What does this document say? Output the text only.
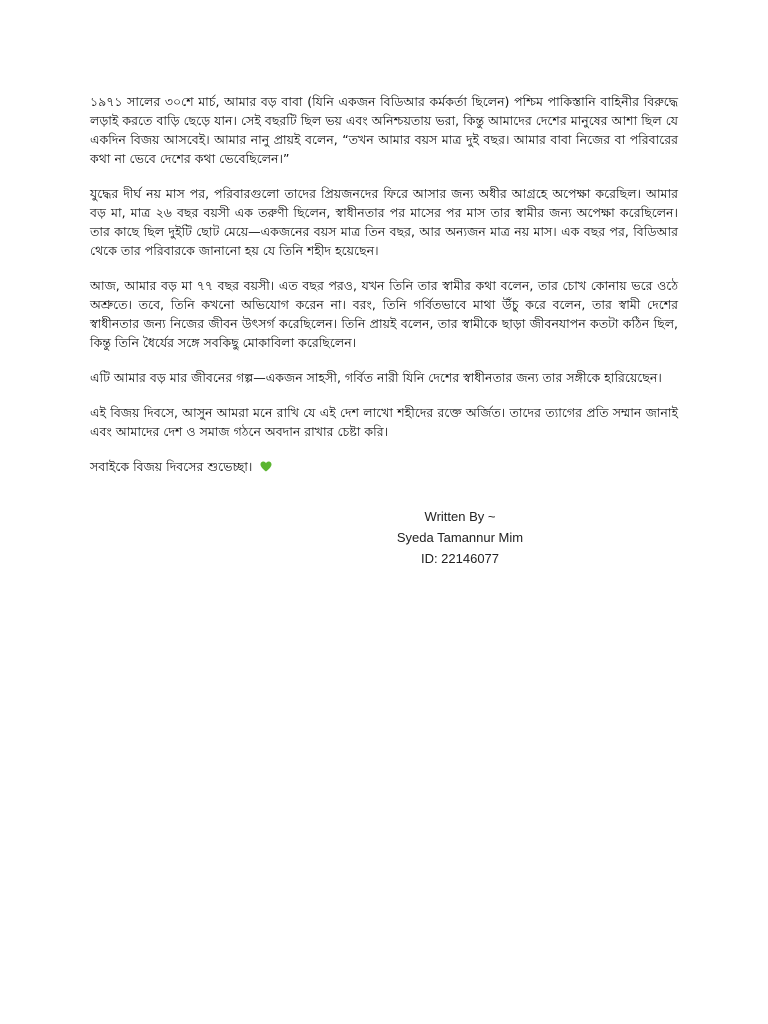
১৯৭১ সালের ৩০শে মার্চ, আমার বড় বাবা (যিনি একজন বিডিআর কর্মকর্তা ছিলেন) পশ্চিম পাকিস্তানি বাহিনীর বিরুদ্ধে লড়াই করতে বাড়ি ছেড়ে যান। সেই বছরটি ছিল ভয় এবং অনিশ্চয়তায় ভরা, কিন্তু আমাদের দেশের মানুষের আশা ছিল যে একদিন বিজয় আসবেই। আমার নানু প্রায়ই বলেন, “তখন আমার বয়স মাত্র দুই বছর। আমার বাবা নিজের বা পরিবারের কথা না ভেবে দেশের কথা ভেবেছিলেন।”

যুদ্ধের দীর্ঘ নয় মাস পর, পরিবারগুলো তাদের প্রিয়জনদের ফিরে আসার জন্য অধীর আগ্রহে অপেক্ষা করেছিল। আমার বড় মা, মাত্র ২৬ বছর বয়সী এক তরুণী ছিলেন, স্বাধীনতার পর মাসের পর মাস তার স্বামীর জন্য অপেক্ষা করেছিলেন। তার কাছে ছিল দুইটি ছোট মেয়ে—একজনের বয়স মাত্র তিন বছর, আর অন্যজন মাত্র নয় মাস। এক বছর পর, বিডিআর থেকে তার পরিবারকে জানানো হয় যে তিনি শহীদ হয়েছেন।

আজ, আমার বড় মা ৭৭ বছর বয়সী। এত বছর পরও, যখন তিনি তার স্বামীর কথা বলেন, তার চোখ কোনায় ভরে ওঠে অশ্রুতে। তবে, তিনি কখনো অভিযোগ করেন না। বরং, তিনি গর্বিতভাবে মাথা উঁচু করে বলেন, তার স্বামী দেশের স্বাধীনতার জন্য নিজের জীবন উৎসর্গ করেছিলেন। তিনি প্রায়ই বলেন, তার স্বামীকে ছাড়া জীবনযাপন কতটা কঠিন ছিল, কিন্তু তিনি ধৈর্যের সঙ্গে সবকিছু মোকাবিলা করেছিলেন।

এটি আমার বড় মার জীবনের গল্প—একজন সাহসী, গর্বিত নারী যিনি দেশের স্বাধীনতার জন্য তার সঙ্গীকে হারিয়েছেন।

এই বিজয় দিবসে, আসুন আমরা মনে রাখি যে এই দেশ লাখো শহীদের রক্তে অর্জিত। তাদের ত্যাগের প্রতি সম্মান জানাই এবং আমাদের দেশ ও সমাজ গঠনে অবদান রাখার চেষ্টা করি।

সবাইকে বিজয় দিবসের শুভেচ্ছা।

Written By ~
Syeda Tamannur Mim
ID: 22146077
